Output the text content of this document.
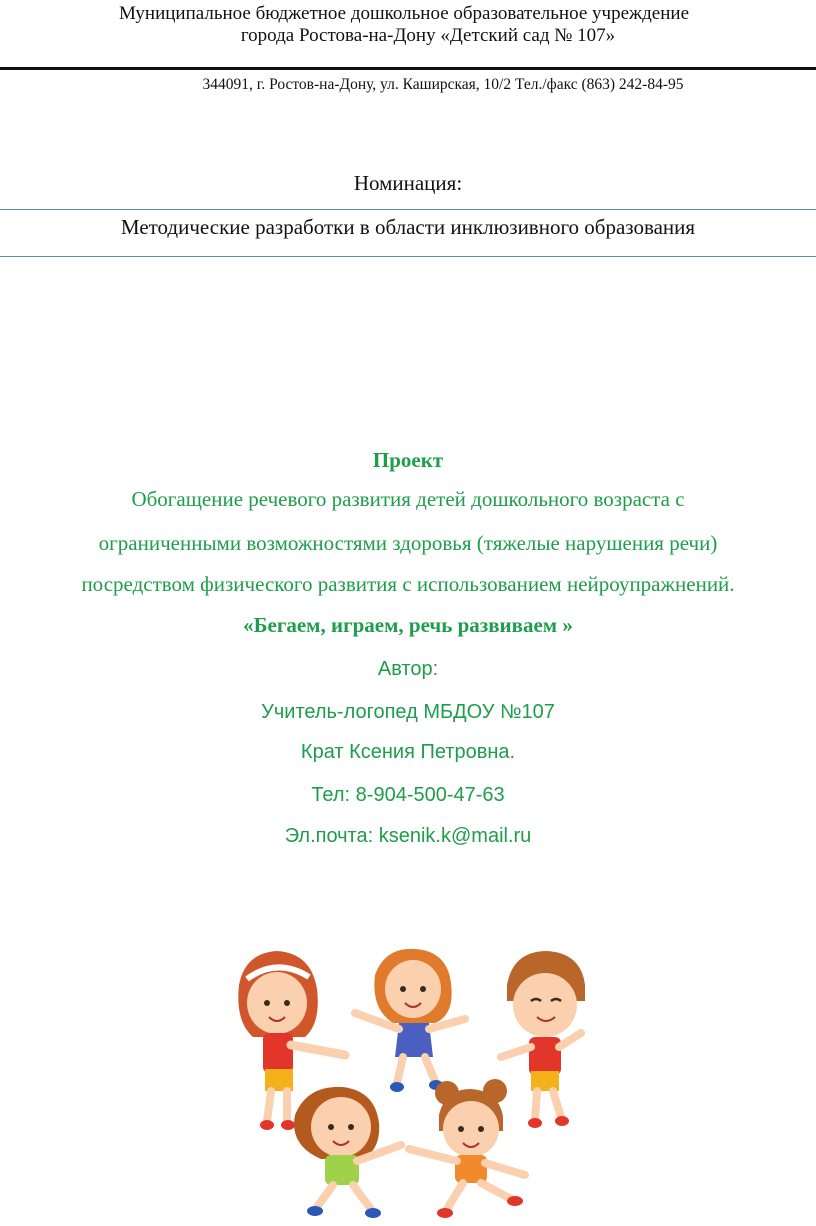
Муниципальное бюджетное дошкольное образовательное учреждение
города Ростова-на-Дону «Детский сад № 107»
344091, г. Ростов-на-Дону, ул. Каширская, 10/2 Тел./факс (863) 242-84-95
Номинация:
Методические разработки в области инклюзивного образования
Проект
Обогащение речевого развития детей дошкольного возраста с
ограниченными возможностями здоровья (тяжелые нарушения речи)
посредством физического развития с использованием нейроупражнений.
«Бегаем, играем, речь развиваем »
Автор:
Учитель-логопед МБДОУ №107
Крат Ксения Петровна.
Тел: 8-904-500-47-63
Эл.почта: ksenik.k@mail.ru
